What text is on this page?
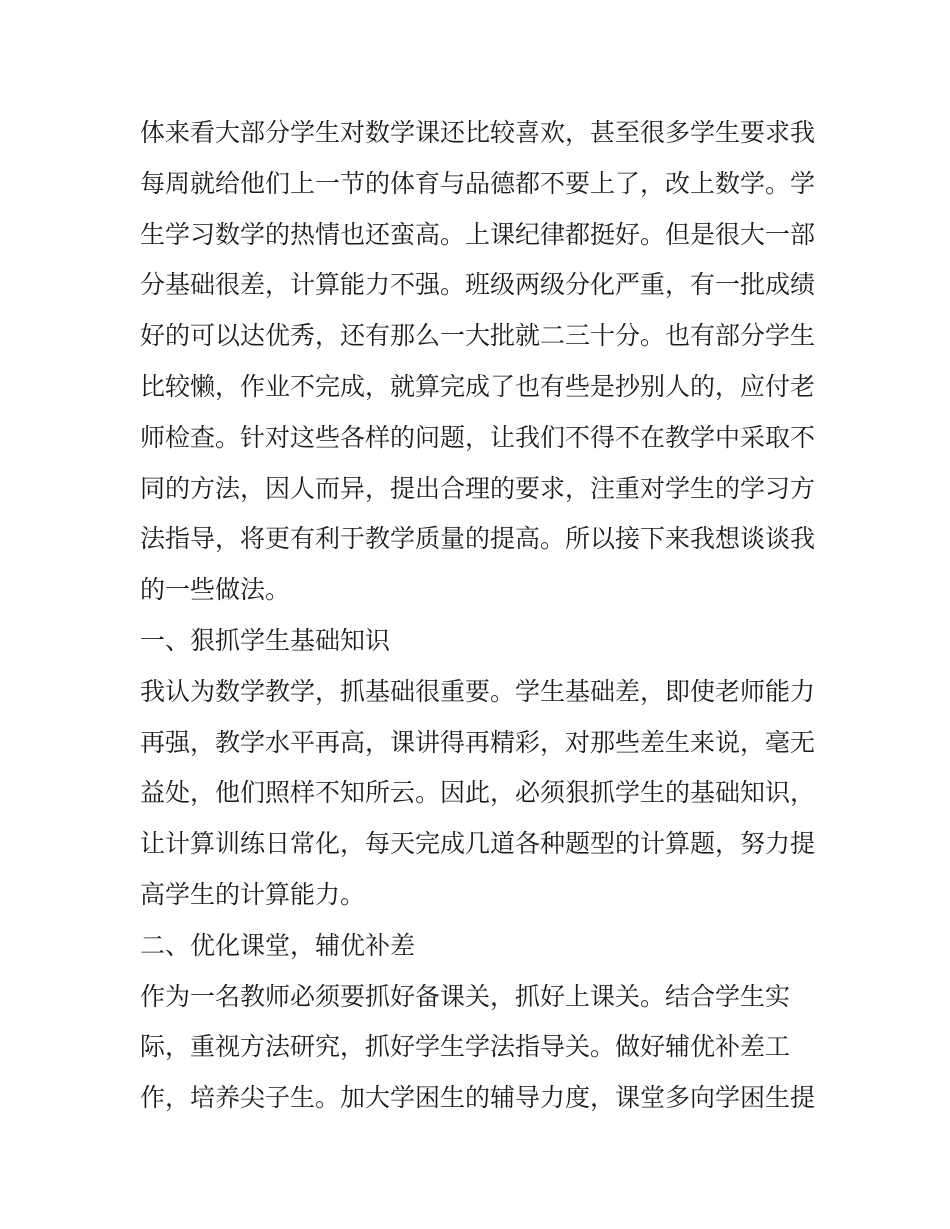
体来看大部分学生对数学课还比较喜欢，甚至很多学生要求我
每周就给他们上一节的体育与品德都不要上了，改上数学。学
生学习数学的热情也还蛮高。上课纪律都挺好。但是很大一部
分基础很差，计算能力不强。班级两级分化严重，有一批成绩
好的可以达优秀，还有那么一大批就二三十分。也有部分学生
比较懒，作业不完成，就算完成了也有些是抄别人的，应付老
师检查。针对这些各样的问题，让我们不得不在教学中采取不
同的方法，因人而异，提出合理的要求，注重对学生的学习方
法指导，将更有利于教学质量的提高。所以接下来我想谈谈我
的一些做法。
一、狠抓学生基础知识
我认为数学教学，抓基础很重要。学生基础差，即使老师能力
再强，教学水平再高，课讲得再精彩，对那些差生来说，毫无
益处，他们照样不知所云。因此，必须狠抓学生的基础知识，
让计算训练日常化，每天完成几道各种题型的计算题，努力提
高学生的计算能力。
二、优化课堂，辅优补差
作为一名教师必须要抓好备课关，抓好上课关。结合学生实
际，重视方法研究，抓好学生学法指导关。做好辅优补差工
作，培养尖子生。加大学困生的辅导力度，课堂多向学困生提
